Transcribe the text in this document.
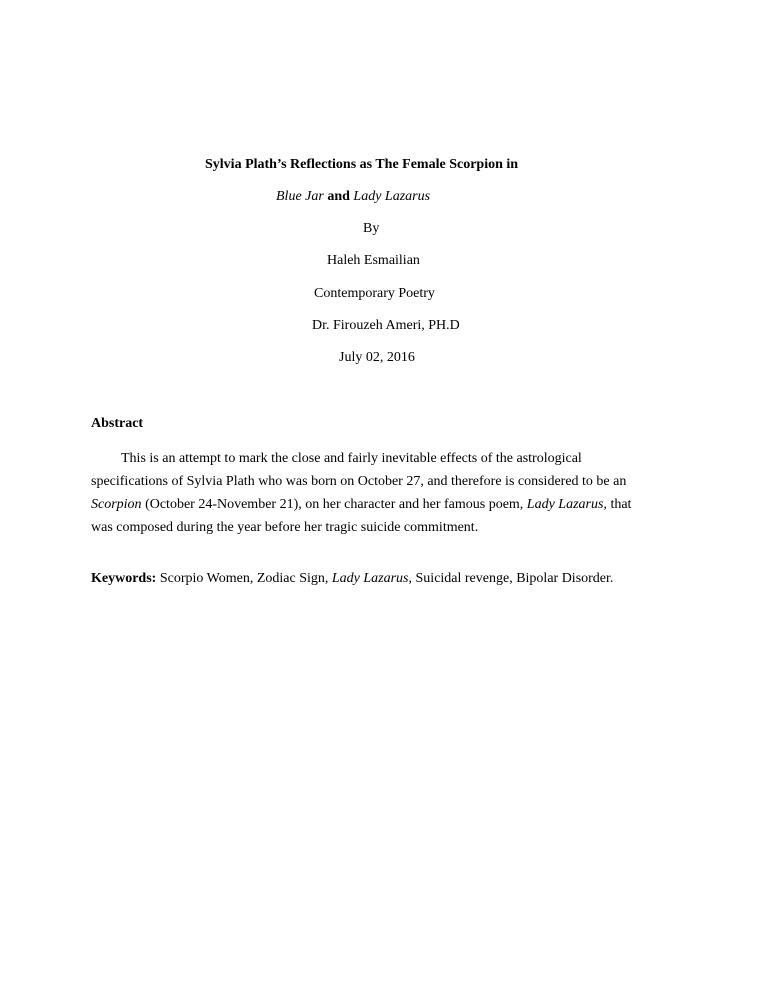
Sylvia Plath’s Reflections as The Female Scorpion in
Blue Jar and Lady Lazarus
By
Haleh Esmailian
Contemporary Poetry
Dr. Firouzeh Ameri, PH.D
July 02, 2016
Abstract
This is an attempt to mark the close and fairly inevitable effects of the astrological
specifications of Sylvia Plath who was born on October 27, and therefore is considered to be an
Scorpion (October 24-November 21), on her character and her famous poem, Lady Lazarus, that
was composed during the year before her tragic suicide commitment.
Keywords: Scorpio Women, Zodiac Sign, Lady Lazarus, Suicidal revenge, Bipolar Disorder.
